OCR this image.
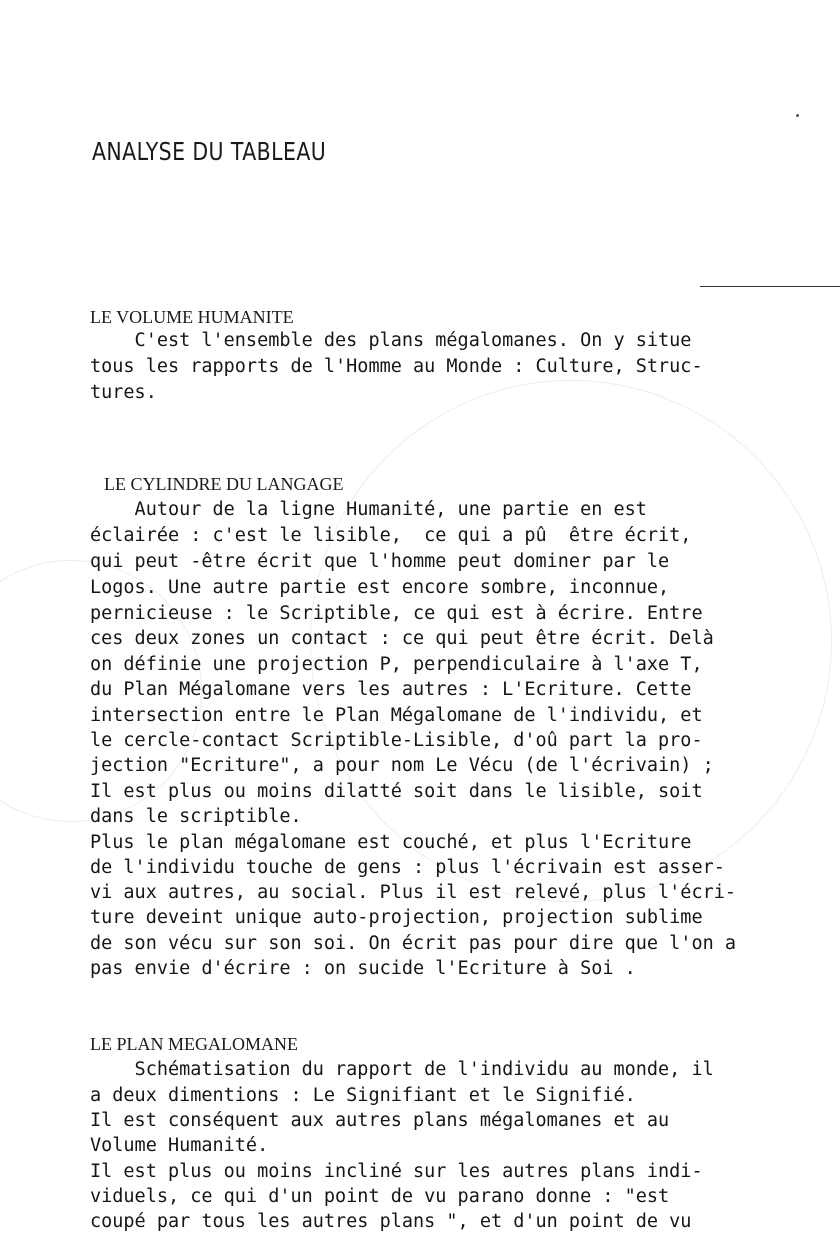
ANALYSE DU TABLEAU
LE VOLUME HUMANITE
C'est l'ensemble des plans mégalomanes. On y situe
tous les rapports de l'Homme au Monde : Culture, Struc-
tures.
LE CYLINDRE DU LANGAGE
Autour de la ligne Humanité, une partie en est
éclairée : c'est le lisible,  ce qui a pû  être écrit,
qui peut -être écrit que l'homme peut dominer par le
Logos. Une autre partie est encore sombre, inconnue,
pernicieuse : le Scriptible, ce qui est à écrire. Entre
ces deux zones un contact : ce qui peut être écrit. Delà
on définie une projection P, perpendiculaire à l'axe T,
du Plan Mégalomane vers les autres : L'Ecriture. Cette
intersection entre le Plan Mégalomane de l'individu, et
le cercle-contact Scriptible-Lisible, d'oû part la pro-
jection "Ecriture", a pour nom Le Vécu (de l'écrivain) ;
Il est plus ou moins dilatté soit dans le lisible, soit
dans le scriptible.
Plus le plan mégalomane est couché, et plus l'Ecriture
de l'individu touche de gens : plus l'écrivain est asser-
vi aux autres, au social. Plus il est relevé, plus l'écri-
ture deveint unique auto-projection, projection sublime
de son vécu sur son soi. On écrit pas pour dire que l'on a
pas envie d'écrire : on sucide l'Ecriture à Soi .
LE PLAN MEGALOMANE
Schématisation du rapport de l'individu au monde, il
a deux dimentions : Le Signifiant et le Signifié.
Il est conséquent aux autres plans mégalomanes et au
Volume Humanité.
Il est plus ou moins incliné sur les autres plans indi-
viduels, ce qui d'un point de vu parano donne : "est
coupé par tous les autres plans ", et d'un point de vu
